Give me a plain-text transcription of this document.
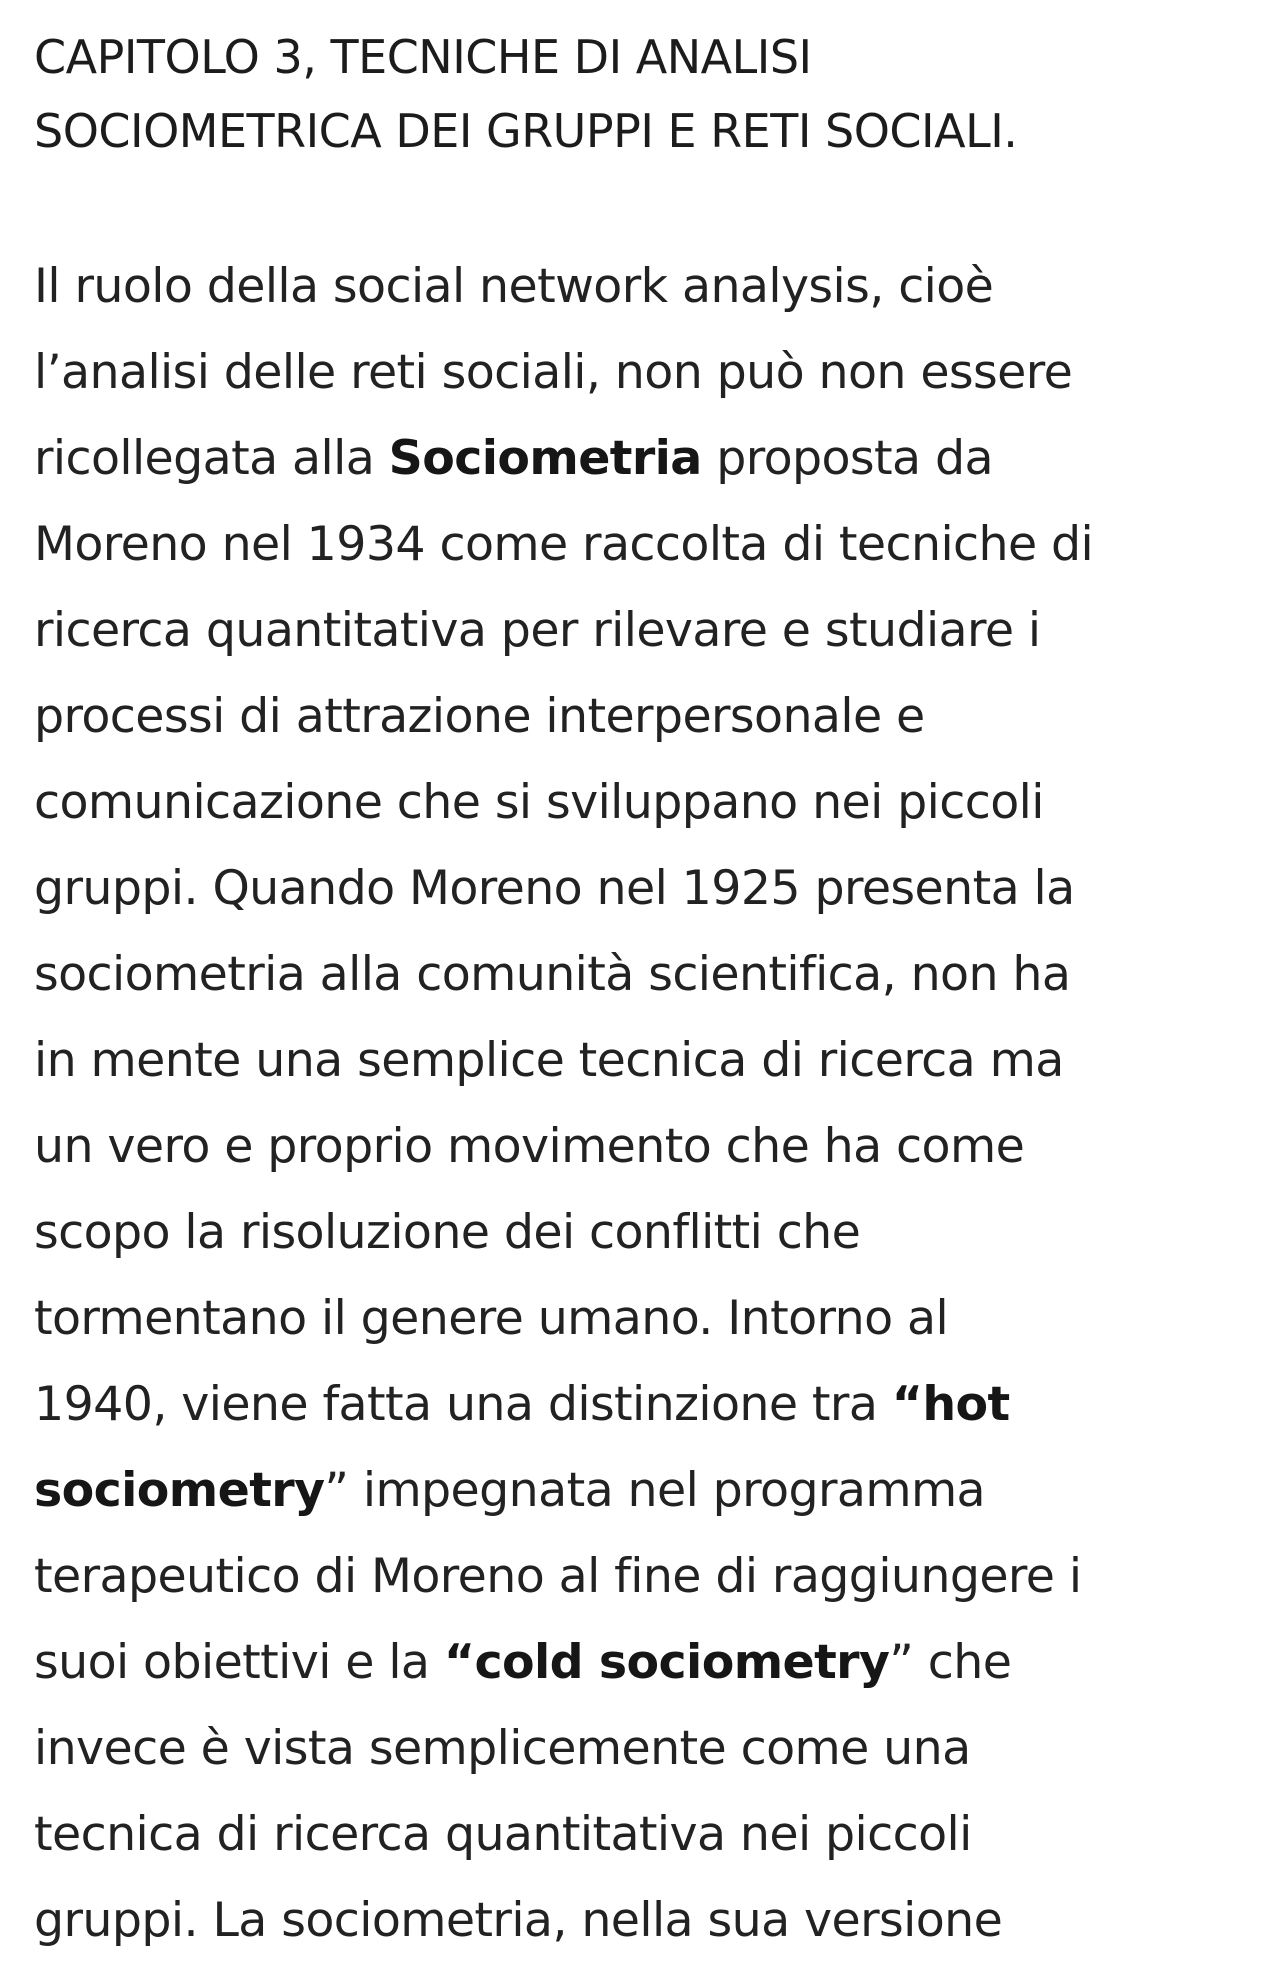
CAPITOLO 3, TECNICHE DI ANALISI
SOCIOMETRICA DEI GRUPPI E RETI SOCIALI.

Il ruolo della social network analysis, cioè
l’analisi delle reti sociali, non può non essere
ricollegata alla Sociometria proposta da
Moreno nel 1934 come raccolta di tecniche di
ricerca quantitativa per rilevare e studiare i
processi di attrazione interpersonale e
comunicazione che si sviluppano nei piccoli
gruppi. Quando Moreno nel 1925 presenta la
sociometria alla comunità scientifica, non ha
in mente una semplice tecnica di ricerca ma
un vero e proprio movimento che ha come
scopo la risoluzione dei conflitti che
tormentano il genere umano. Intorno al
1940, viene fatta una distinzione tra “hot
sociometry” impegnata nel programma
terapeutico di Moreno al fine di raggiungere i
suoi obiettivi e la “cold sociometry” che
invece è vista semplicemente come una
tecnica di ricerca quantitativa nei piccoli
gruppi. La sociometria, nella sua versione
